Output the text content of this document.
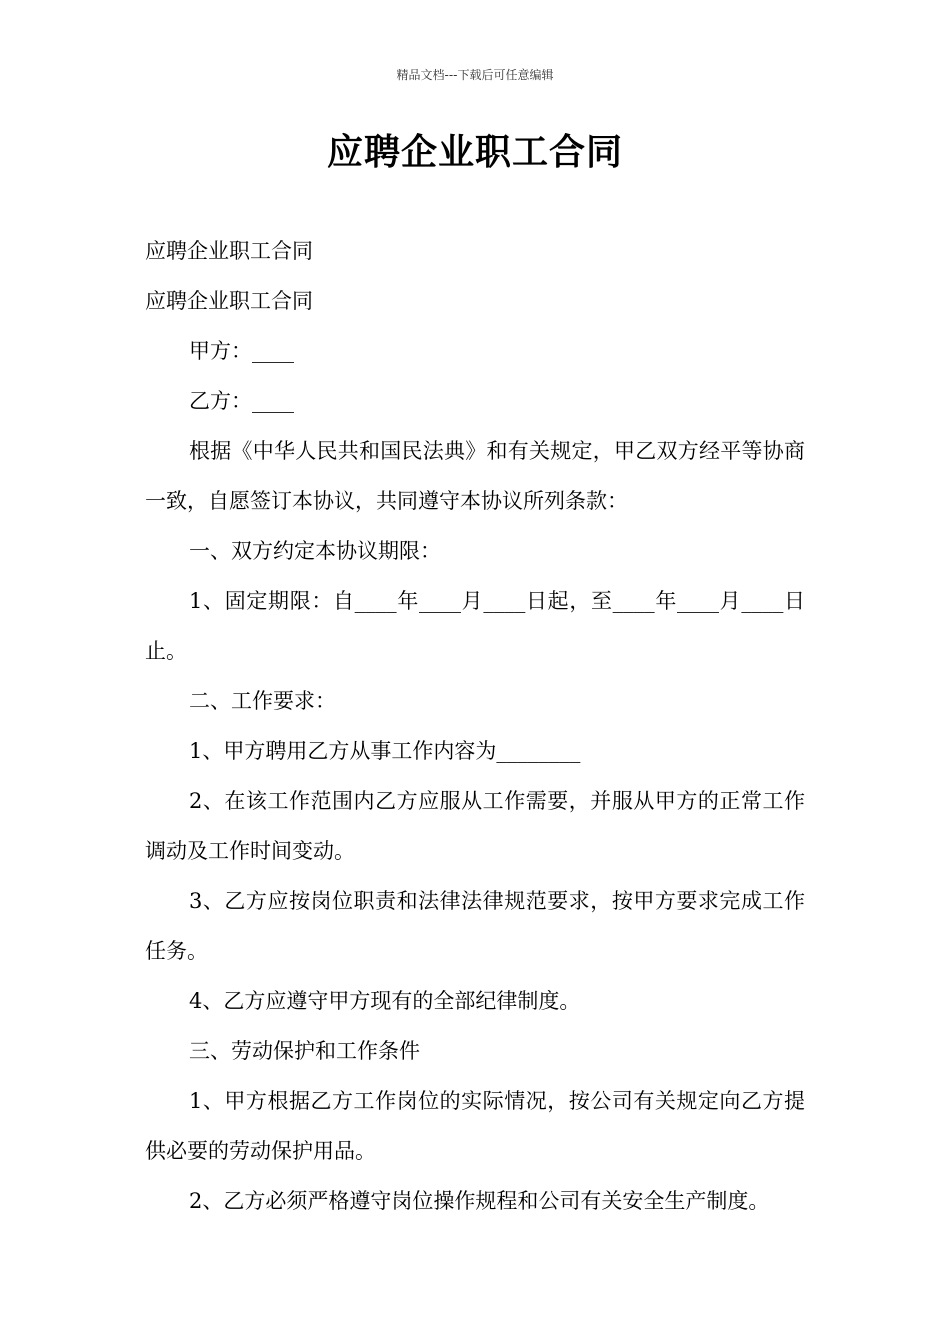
精品文档---下载后可任意编辑
应聘企业职工合同

应聘企业职工合同

应聘企业职工合同

甲方：____

乙方：____

根据《中华人民共和国民法典》和有关规定，甲乙双方经平等协商一致，自愿签订本协议，共同遵守本协议所列条款：

一、双方约定本协议期限：

1、固定期限：自____年____月____日起，至____年____月____日止。

二、工作要求：

1、甲方聘用乙方从事工作内容为________

2、在该工作范围内乙方应服从工作需要，并服从甲方的正常工作调动及工作时间变动。

3、乙方应按岗位职责和法律法律规范要求，按甲方要求完成工作任务。

4、乙方应遵守甲方现有的全部纪律制度。

三、劳动保护和工作条件

1、甲方根据乙方工作岗位的实际情况，按公司有关规定向乙方提供必要的劳动保护用品。

2、乙方必须严格遵守岗位操作规程和公司有关安全生产制度。
